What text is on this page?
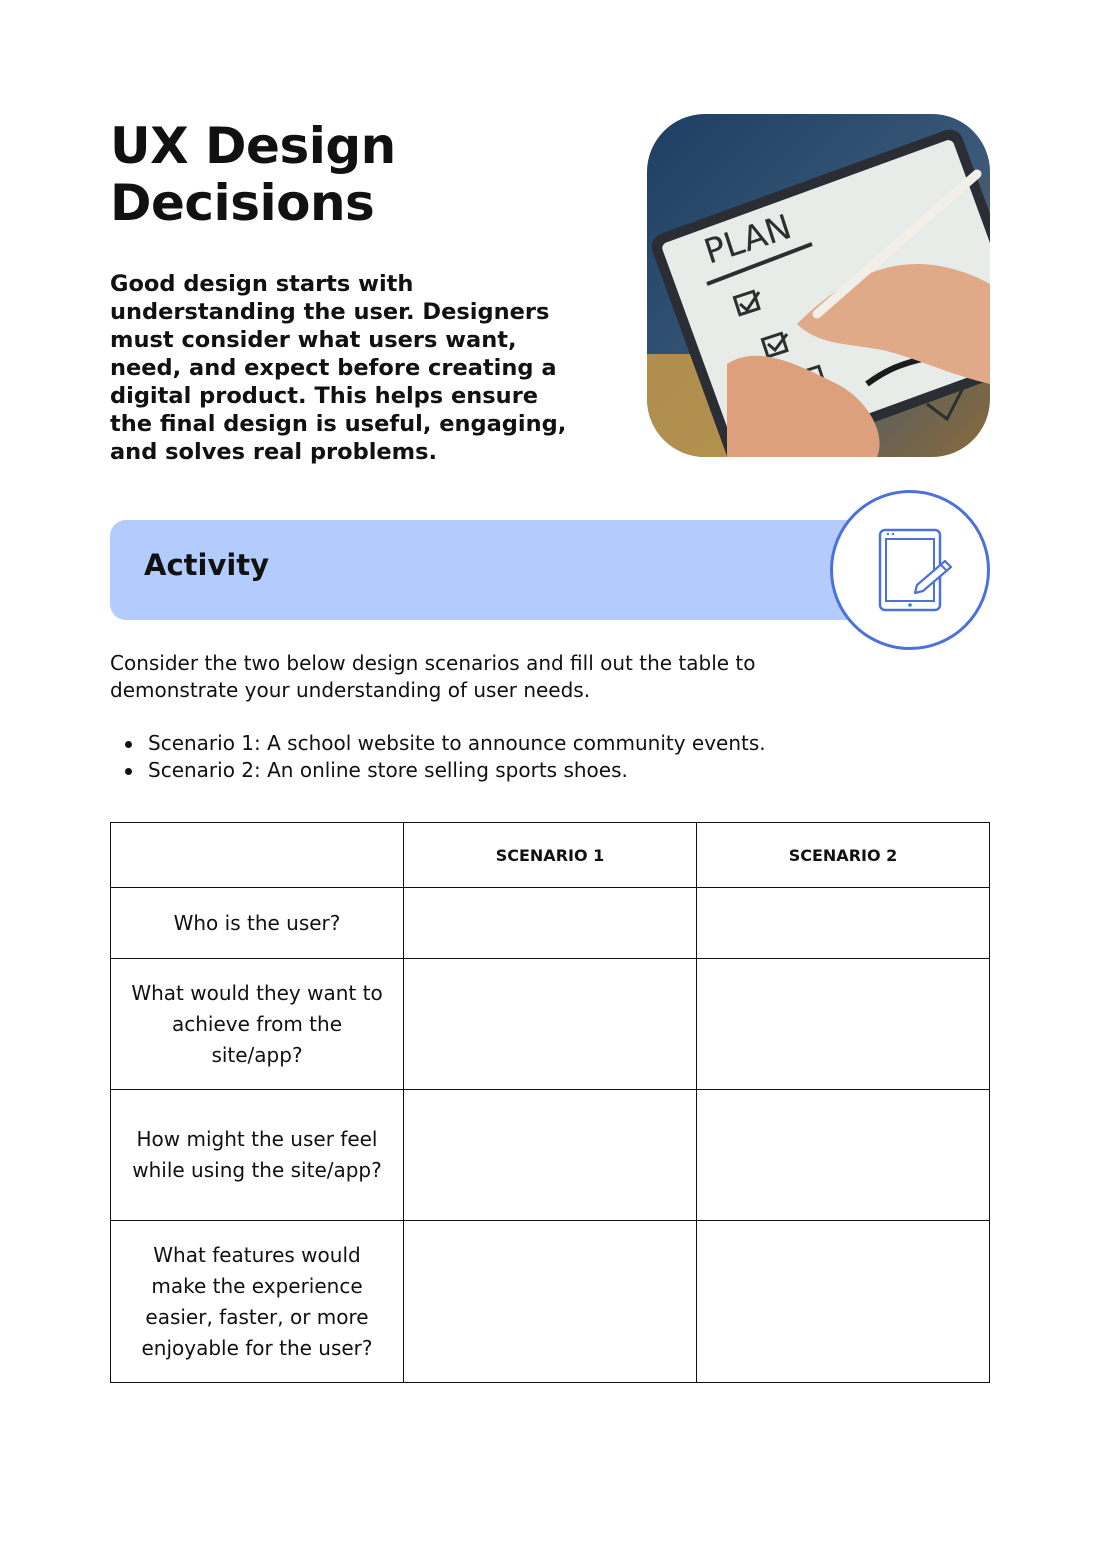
UX Design Decisions

Good design starts with understanding the user. Designers must consider what users want, need, and expect before creating a digital product. This helps ensure the final design is useful, engaging, and solves real problems.

PLAN
Activity

Consider the two below design scenarios and fill out the table to demonstrate your understanding of user needs.

Scenario 1: A school website to announce community events.
Scenario 2: An online store selling sports shoes.
	SCENARIO 1	SCENARIO 2
Who is the user?		
What would they want to achieve from the site/app?		
How might the user feel while using the site/app?		
What features would make the experience easier, faster, or more enjoyable for the user?		
